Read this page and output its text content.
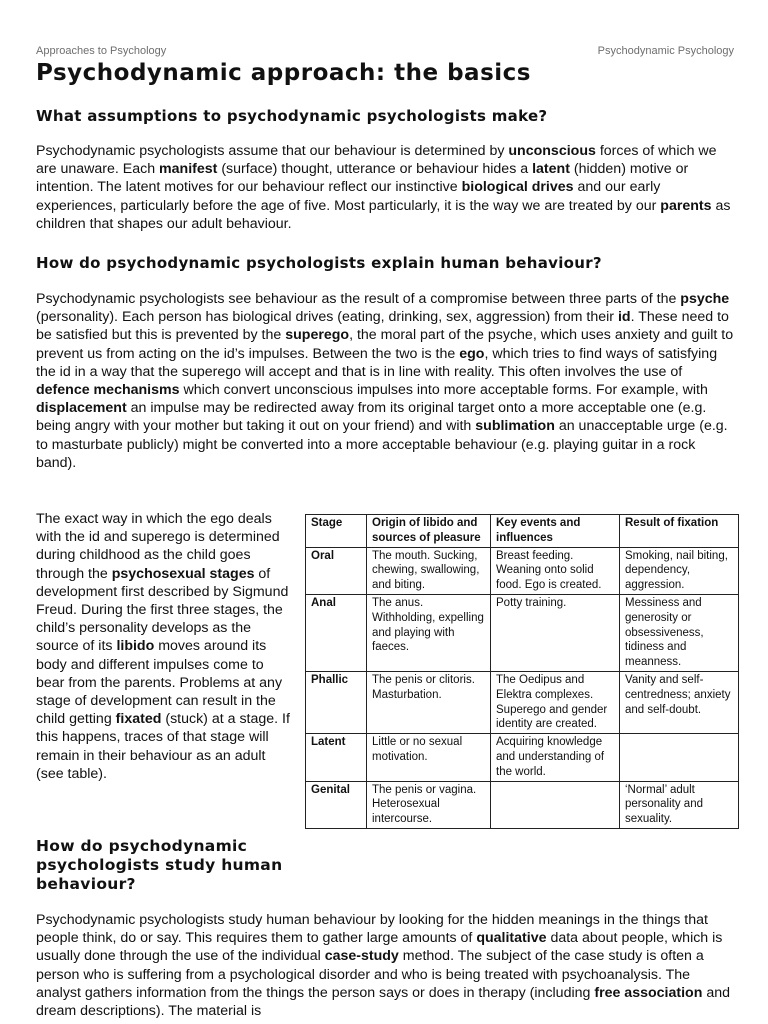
Approaches to Psychology	Psychodynamic Psychology
Psychodynamic approach: the basics
What assumptions to psychodynamic psychologists make?

Psychodynamic psychologists assume that our behaviour is determined by unconscious forces of which we are unaware. Each manifest (surface) thought, utterance or behaviour hides a latent (hidden) motive or intention. The latent motives for our behaviour reflect our instinctive biological drives and our early experiences, particularly before the age of five. Most particularly, it is the way we are treated by our parents as children that shapes our adult behaviour.

How do psychodynamic psychologists explain human behaviour?

Psychodynamic psychologists see behaviour as the result of a compromise between three parts of the psyche (personality). Each person has biological drives (eating, drinking, sex, aggression) from their id. These need to be satisfied but this is prevented by the superego, the moral part of the psyche, which uses anxiety and guilt to prevent us from acting on the id’s impulses. Between the two is the ego, which tries to find ways of satisfying the id in a way that the superego will accept and that is in line with reality. This often involves the use of defence mechanisms which convert unconscious impulses into more acceptable forms. For example, with displacement an impulse may be redirected away from its original target onto a more acceptable one (e.g. being angry with your mother but taking it out on your friend) and with sublimation an unacceptable urge (e.g. to masturbate publicly) might be converted into a more acceptable behaviour (e.g. playing guitar in a rock band).

The exact way in which the ego deals with the id and superego is determined during childhood as the child goes through the psychosexual stages of development first described by Sigmund Freud. During the first three stages, the child’s personality develops as the source of its libido moves around its body and different impulses come to bear from the parents. Problems at any stage of development can result in the child getting fixated (stuck) at a stage. If this happens, traces of that stage will remain in their behaviour as an adult (see table).

Stage	Origin of libido and sources of pleasure	Key events and influences	Result of fixation
Oral	The mouth. Sucking, chewing, swallowing, and biting.	Breast feeding. Weaning onto solid food. Ego is created.	Smoking, nail biting, dependency, aggression.
Anal	The anus. Withholding, expelling and playing with faeces.	Potty training.	Messiness and generosity or obsessiveness, tidiness and meanness.
Phallic	The penis or clitoris. Masturbation.	The Oedipus and Elektra complexes. Superego and gender identity are created.	Vanity and self-centredness; anxiety and self-doubt.
Latent	Little or no sexual motivation.	Acquiring knowledge and understanding of the world.	
Genital	The penis or vagina. Heterosexual intercourse.		‘Normal’ adult personality and sexuality.
How do psychodynamic psychologists study human behaviour?

Psychodynamic psychologists study human behaviour by looking for the hidden meanings in the things that people think, do or say. This requires them to gather large amounts of qualitative data about people, which is usually done through the use of the individual case-study method. The subject of the case study is often a person who is suffering from a psychological disorder and who is being treated with psychoanalysis. The analyst gathers information from the things the person says or does in therapy (including free association and dream descriptions). The material is
